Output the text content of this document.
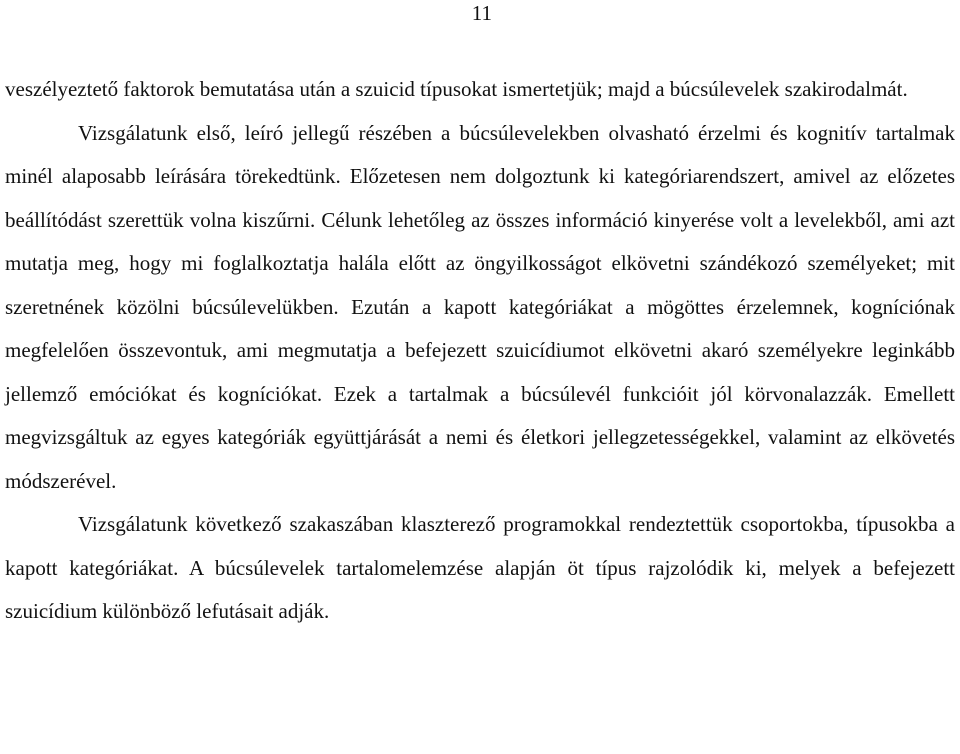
11

veszélyeztető faktorok bemutatása után a szuicid típusokat ismertetjük; majd a búcsúlevelek szakirodalmát.

Vizsgálatunk első, leíró jellegű részében a búcsúlevelekben olvasható érzelmi és kognitív tartalmak minél alaposabb leírására törekedtünk. Előzetesen nem dolgoztunk ki kategóriarendszert, amivel az előzetes beállítódást szerettük volna kiszűrni. Célunk lehetőleg az összes információ kinyerése volt a levelekből, ami azt mutatja meg, hogy mi foglalkoztatja halála előtt az öngyilkosságot elkövetni szándékozó személyeket; mit szeretnének közölni búcsúlevelükben. Ezután a kapott kategóriákat a mögöttes érzelemnek, kogníciónak megfelelően összevontuk, ami megmutatja a befejezett szuicídiumot elkövetni akaró személyekre leginkább jellemző emóciókat és kogníciókat. Ezek a tartalmak a búcsúlevél funkcióit jól körvonalazzák. Emellett megvizsgáltuk az egyes kategóriák együttjárását a nemi és életkori jellegzetességekkel, valamint az elkövetés módszerével.

Vizsgálatunk következő szakaszában klaszterező programokkal rendeztettük csoportokba, típusokba a kapott kategóriákat. A búcsúlevelek tartalomelemzése alapján öt típus rajzolódik ki, melyek a befejezett szuicídium különböző lefutásait adják.
